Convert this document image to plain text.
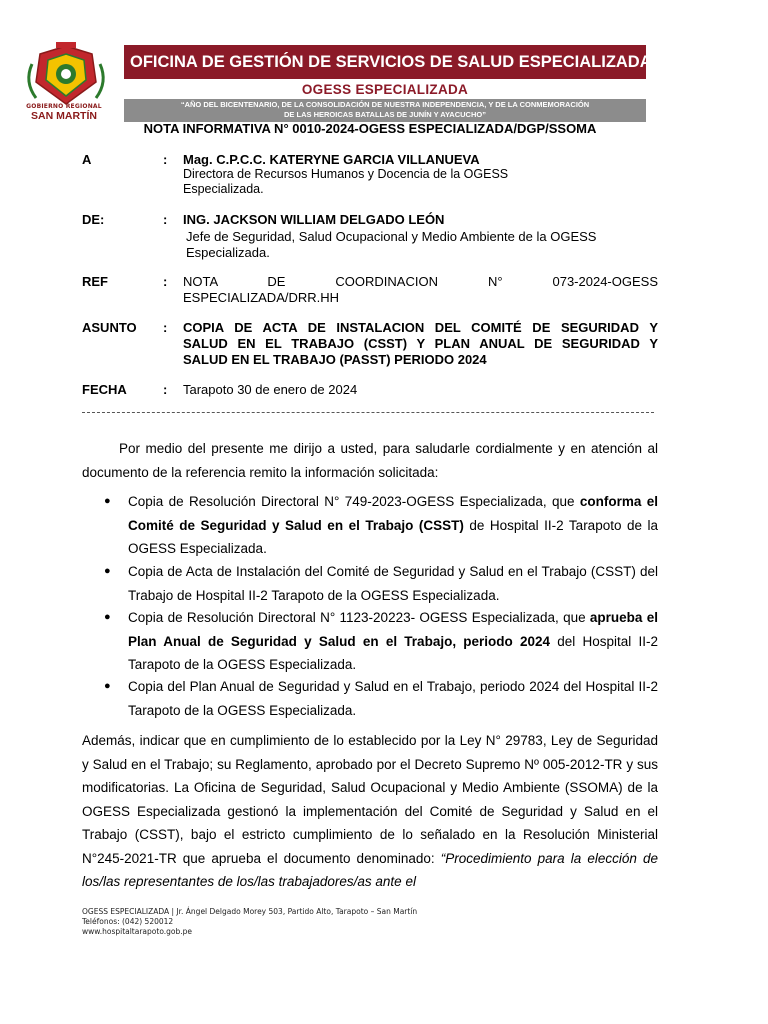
GOBIERNO REGIONAL
SAN MARTÍN
OFICINA DE GESTIÓN DE SERVICIOS DE SALUD ESPECIALIZADA
OGESS ESPECIALIZADA
“AÑO DEL BICENTENARIO, DE LA CONSOLIDACIÓN DE NUESTRA INDEPENDENCIA, Y DE LA CONMEMORACIÓN
DE LAS HEROICAS BATALLAS DE JUNÍN Y AYACUCHO”
NOTA INFORMATIVA N° 0010-2024-OGESS ESPECIALIZADA/DGP/SSOMA
A	: Mag. C.P.C.C. KATERYNE GARCIA VILLANUEVA
Directora de Recursos Humanos y Docencia de la OGESS
Especializada.
DE:	: ING. JACKSON WILLIAM DELGADO LEÓN
Jefe de Seguridad, Salud Ocupacional y Medio Ambiente de la OGESS
Especializada.
REF	: NOTA DE COORDINACION N° 073-2024-OGESS
ESPECIALIZADA/DRR.HH
ASUNTO : COPIA DE ACTA DE INSTALACION DEL COMITÉ DE SEGURIDAD Y
SALUD EN EL TRABAJO (CSST) Y PLAN ANUAL DE SEGURIDAD Y
SALUD EN EL TRABAJO (PASST) PERIODO 2024
FECHA	: Tarapoto 30 de enero de 2024
Por medio del presente me dirijo a usted, para saludarle cordialmente y en atención al documento de la referencia remito la información solicitada:
● Copia de Resolución Directoral N° 749-2023-OGESS Especializada, que conforma el Comité de Seguridad y Salud en el Trabajo (CSST) de Hospital II-2 Tarapoto de la OGESS Especializada.
● Copia de Acta de Instalación del Comité de Seguridad y Salud en el Trabajo (CSST) del Trabajo de Hospital II-2 Tarapoto de la OGESS Especializada.
● Copia de Resolución Directoral N° 1123-20223- OGESS Especializada, que aprueba el Plan Anual de Seguridad y Salud en el Trabajo, periodo 2024 del Hospital II-2 Tarapoto de la OGESS Especializada.
● Copia del Plan Anual de Seguridad y Salud en el Trabajo, periodo 2024 del Hospital II-2 Tarapoto de la OGESS Especializada.
Además, indicar que en cumplimiento de lo establecido por la Ley N° 29783, Ley de Seguridad y Salud en el Trabajo; su Reglamento, aprobado por el Decreto Supremo Nº 005-2012-TR y sus modificatorias. La Oficina de Seguridad, Salud Ocupacional y Medio Ambiente (SSOMA) de la OGESS Especializada gestionó la implementación del Comité de Seguridad y Salud en el Trabajo (CSST), bajo el estricto cumplimiento de lo señalado en la Resolución Ministerial N°245-2021-TR que aprueba el documento denominado: “Procedimiento para la elección de los/las representantes de los/las trabajadores/as ante el
OGESS ESPECIALIZADA | Jr. Ángel Delgado Morey 503, Partido Alto, Tarapoto – San Martín
Teléfonos: (042) 520012
www.hospitaltarapoto.gob.pe
